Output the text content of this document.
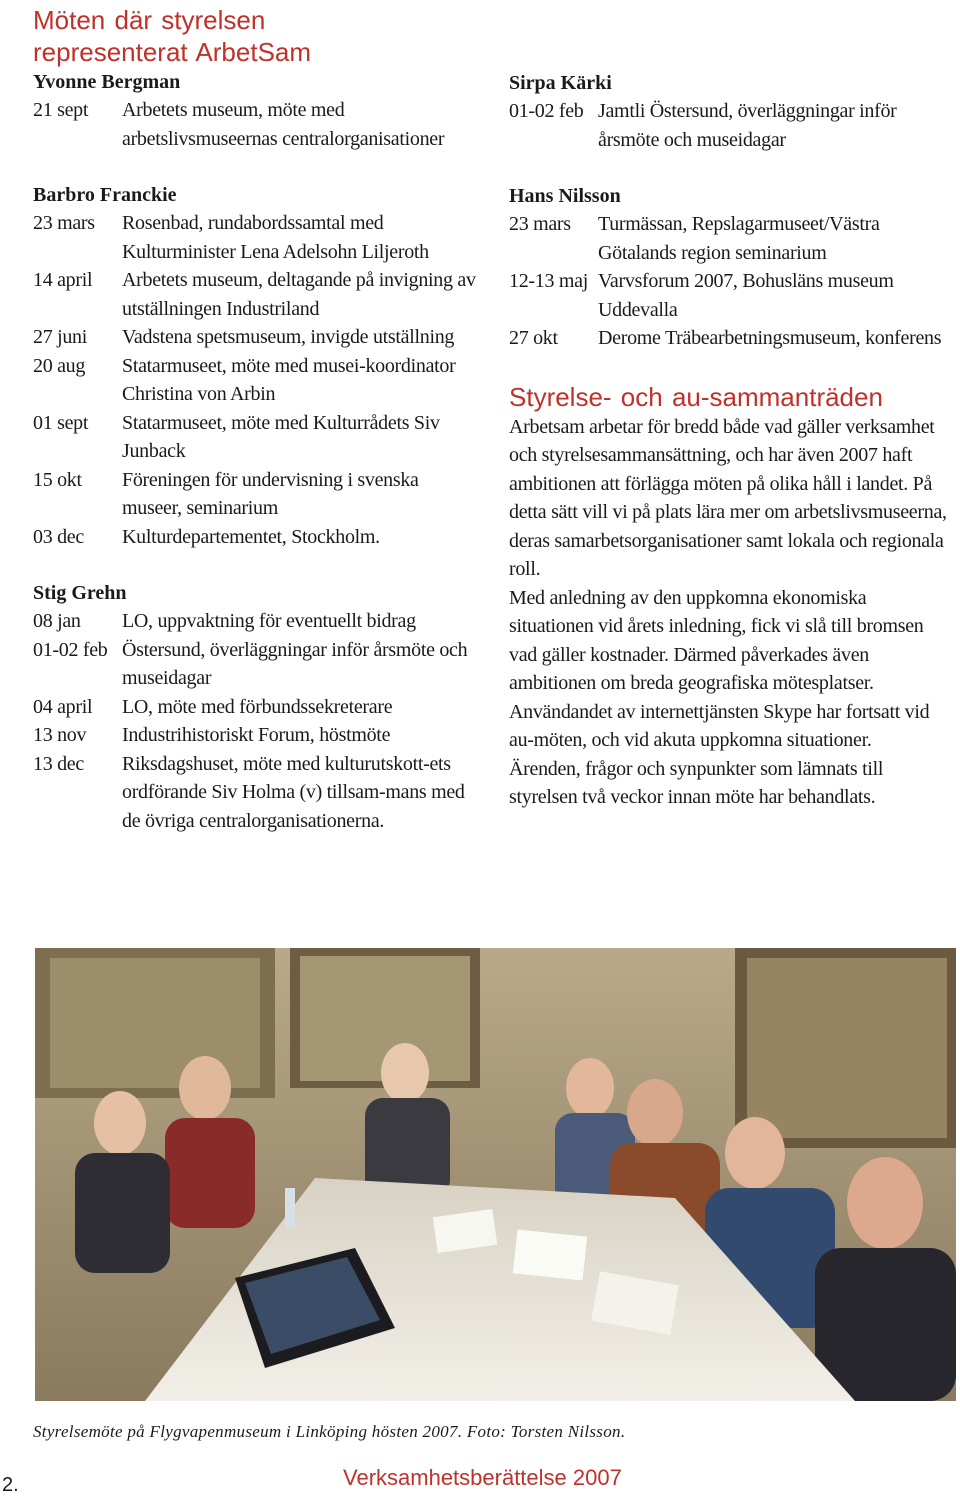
Möten där styrelsen
representerat ArbetSam
Yvonne Bergman
21 sept	Arbetets museum, möte med arbetslivsmuseernas centralorganisationer
Barbro Franckie
23 mars	Rosenbad, rundabordssamtal med Kulturminister Lena Adelsohn Liljeroth
14 april	Arbetets museum, deltagande på invigning av utställningen Industriland
27 juni	Vadstena spetsmuseum, invigde utställning
20 aug	Statarmuseet, möte med musei-koordinator Christina von Arbin
01 sept	Statarmuseet, möte med Kulturrådets Siv Junback
15 okt	Föreningen för undervisning i svenska museer, seminarium
03 dec	Kulturdepartementet, Stockholm.
Stig Grehn
08 jan	LO, uppvaktning för eventuellt bidrag
01-02 feb Östersund, överläggningar inför årsmöte och museidagar
04 april	LO, möte med förbundssekreterare
13 nov	Industrihistoriskt Forum, höstmöte
13 dec	Riksdagshuset, möte med kulturutskott-ets ordförande Siv Holma (v) tillsam-mans med de övriga centralorganisationerna.
Sirpa Kärki
01-02 feb Jamtli Östersund, överläggningar inför årsmöte och museidagar
Hans Nilsson
23 mars	Turmässan, Repslagarmuseet/Västra Götalands region seminarium
12-13 maj Varvsforum 2007, Bohusläns museum Uddevalla
27 okt	Derome Träbearbetningsmuseum, konferens
Styrelse- och au-sammanträden

Arbetsam arbetar för bredd både vad gäller verksamhet och styrelsesammansättning, och har även 2007 haft ambitionen att förlägga möten på olika håll i landet. På detta sätt vill vi på plats lära mer om arbetslivsmuseerna, deras samarbetsorganisationer samt lokala och regionala roll.

Med anledning av den uppkomna ekonomiska situationen vid årets inledning, fick vi slå till bromsen vad gäller kostnader. Därmed påverkades även ambitionen om breda geografiska mötesplatser.

Användandet av internettjänsten Skype har fortsatt vid au-möten, och vid akuta uppkomna situationer.

Ärenden, frågor och synpunkter som lämnats till styrelsen två veckor innan möte har behandlats.

Styrelsemöte på Flygvapenmuseum i Linköping hösten 2007. Foto: Torsten Nilsson.
2.	Verksamhetsberättelse 2007
